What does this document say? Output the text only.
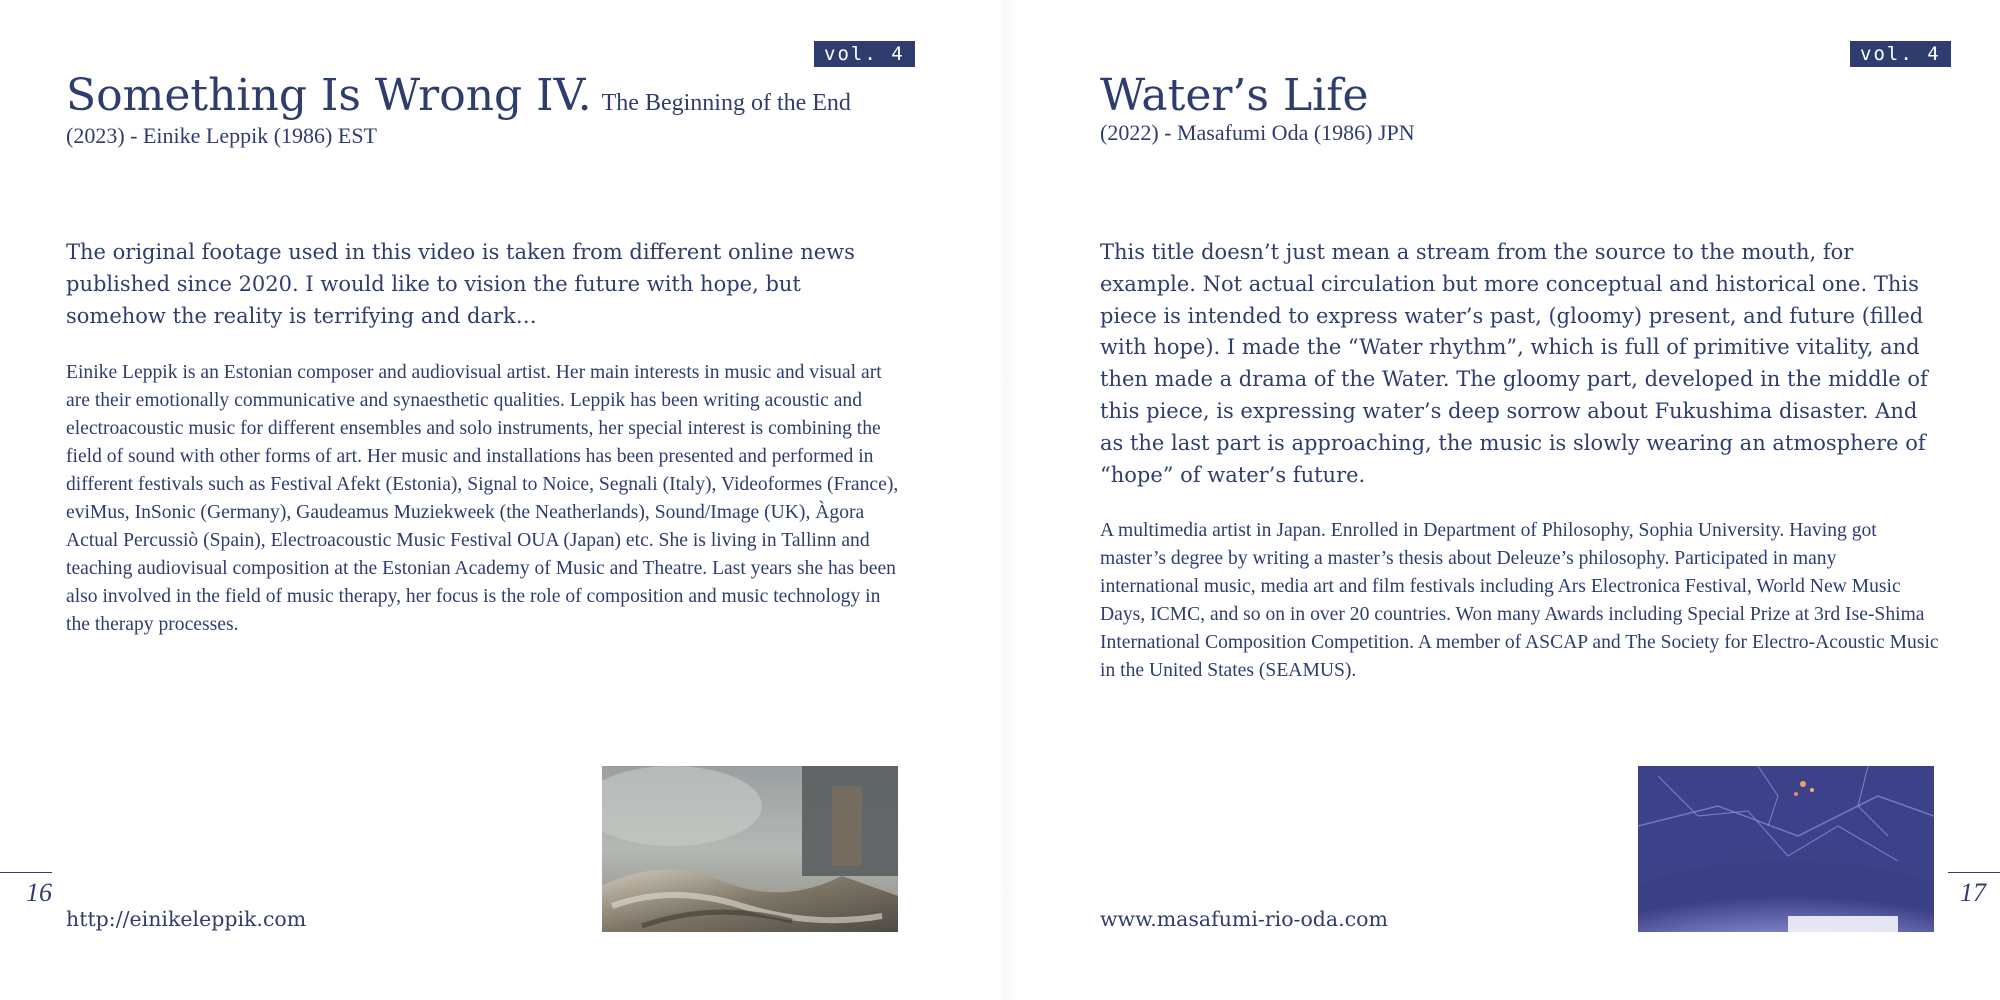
vol. 4
Something Is Wrong IV. The Beginning of the End
(2023) - Einike Leppik (1986) EST

The original footage used in this video is taken from different online news published since 2020. I would like to vision the future with hope, but somehow the reality is terrifying and dark…

Einike Leppik is an Estonian composer and audiovisual artist. Her main interests in music and visual art are their emotionally communicative and synaesthetic qualities. Leppik has been writing acoustic and electroacoustic music for different ensembles and solo instruments, her special interest is combining the field of sound with other forms of art. Her music and installations has been presented and performed in different festivals such as Festival Afekt (Estonia), Signal to Noice, Segnali (Italy), Videoformes (France), eviMus, InSonic (Germany), Gaudeamus Muziekweek (the Neatherlands), Sound/Image (UK), Àgora Actual Percussiò (Spain), Electroacoustic Music Festival OUA (Japan) etc. She is living in Tallinn and teaching audiovisual composition at the Estonian Academy of Music and Theatre. Last years she has been also involved in the field of music therapy, her focus is the role of composition and music technology in the therapy processes.

16
http://einikeleppik.com
vol. 4
Water’s Life
(2022) - Masafumi Oda (1986) JPN

This title doesn’t just mean a stream from the source to the mouth, for example. Not actual circulation but more conceptual and historical one. This piece is intended to express water’s past, (gloomy) present, and future (filled with hope). I made the “Water rhythm”, which is full of primitive vitality, and then made a drama of the Water. The gloomy part, developed in the middle of this piece, is expressing water’s deep sorrow about Fukushima disaster. And as the last part is approaching, the music is slowly wearing an atmosphere of “hope” of water’s future.

A multimedia artist in Japan. Enrolled in Department of Philosophy, Sophia University. Having got master’s degree by writing a master’s thesis about Deleuze’s philosophy. Participated in many international music, media art and film festivals including Ars Electronica Festival, World New Music Days, ICMC, and so on in over 20 countries. Won many Awards including Special Prize at 3rd Ise-Shima International Composition Competition. A member of ASCAP and The Society for Electro-Acoustic Music in the United States (SEAMUS).

17
www.masafumi-rio-oda.com
